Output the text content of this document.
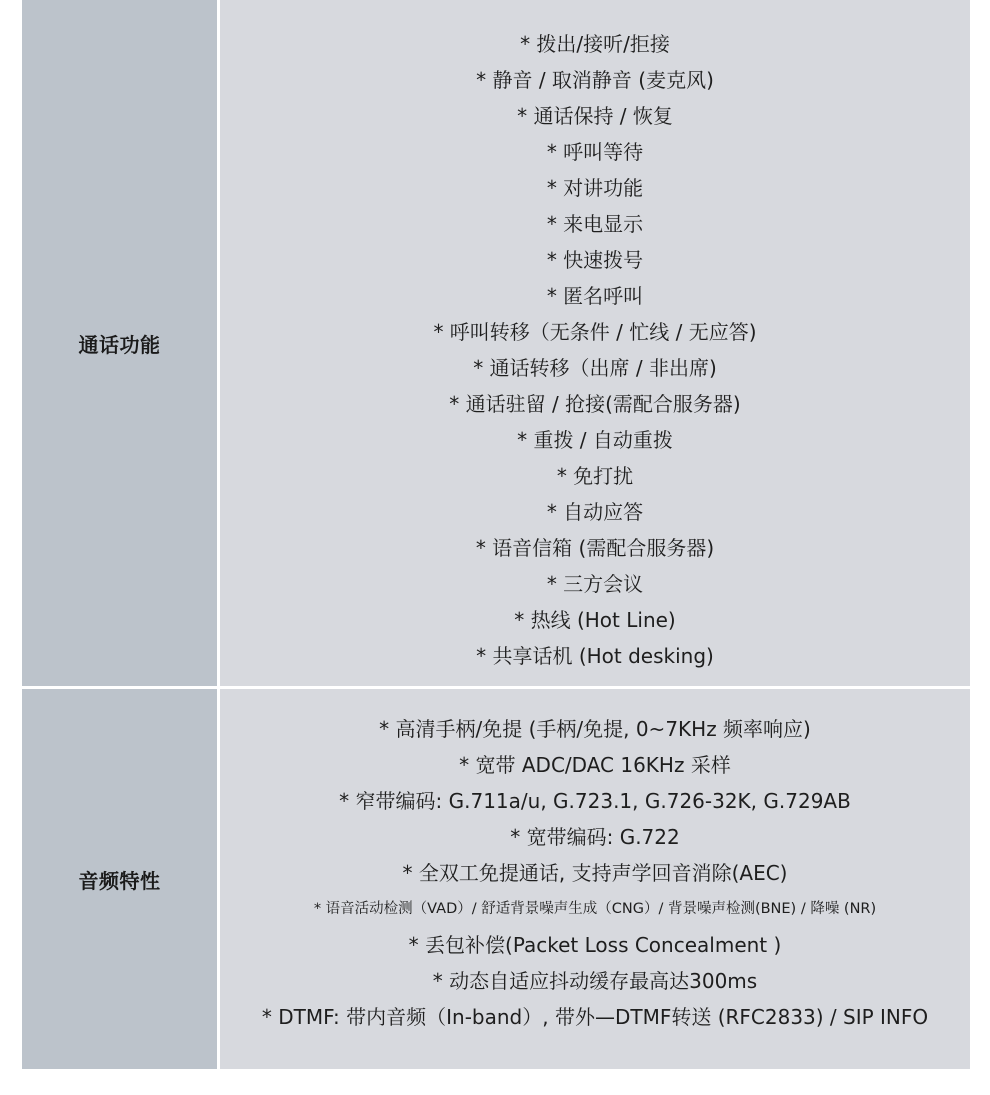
通话功能
* 拨出/接听/拒接
* 静音 / 取消静音 (麦克风)
* 通话保持 / 恢复
* 呼叫等待
* 对讲功能
* 来电显示
* 快速拨号
* 匿名呼叫
* 呼叫转移（无条件 / 忙线 / 无应答)
* 通话转移（出席 / 非出席)
* 通话驻留 / 抢接(需配合服务器)
* 重拨 / 自动重拨
* 免打扰
* 自动应答
* 语音信箱 (需配合服务器)
* 三方会议
* 热线 (Hot Line)
* 共享话机 (Hot desking)
音频特性
* 高清手柄/免提 (手柄/免提, 0~7KHz 频率响应)
* 宽带 ADC/DAC 16KHz 采样
* 窄带编码: G.711a/u, G.723.1, G.726-32K, G.729AB
* 宽带编码: G.722
* 全双工免提通话, 支持声学回音消除(AEC)
* 语音活动检测（VAD）/ 舒适背景噪声生成（CNG）/ 背景噪声检测(BNE) / 降噪 (NR)
* 丢包补偿(Packet Loss Concealment )
* 动态自适应抖动缓存最高达300ms
* DTMF: 带内音频（In-band）, 带外—DTMF转送 (RFC2833) / SIP INFO
